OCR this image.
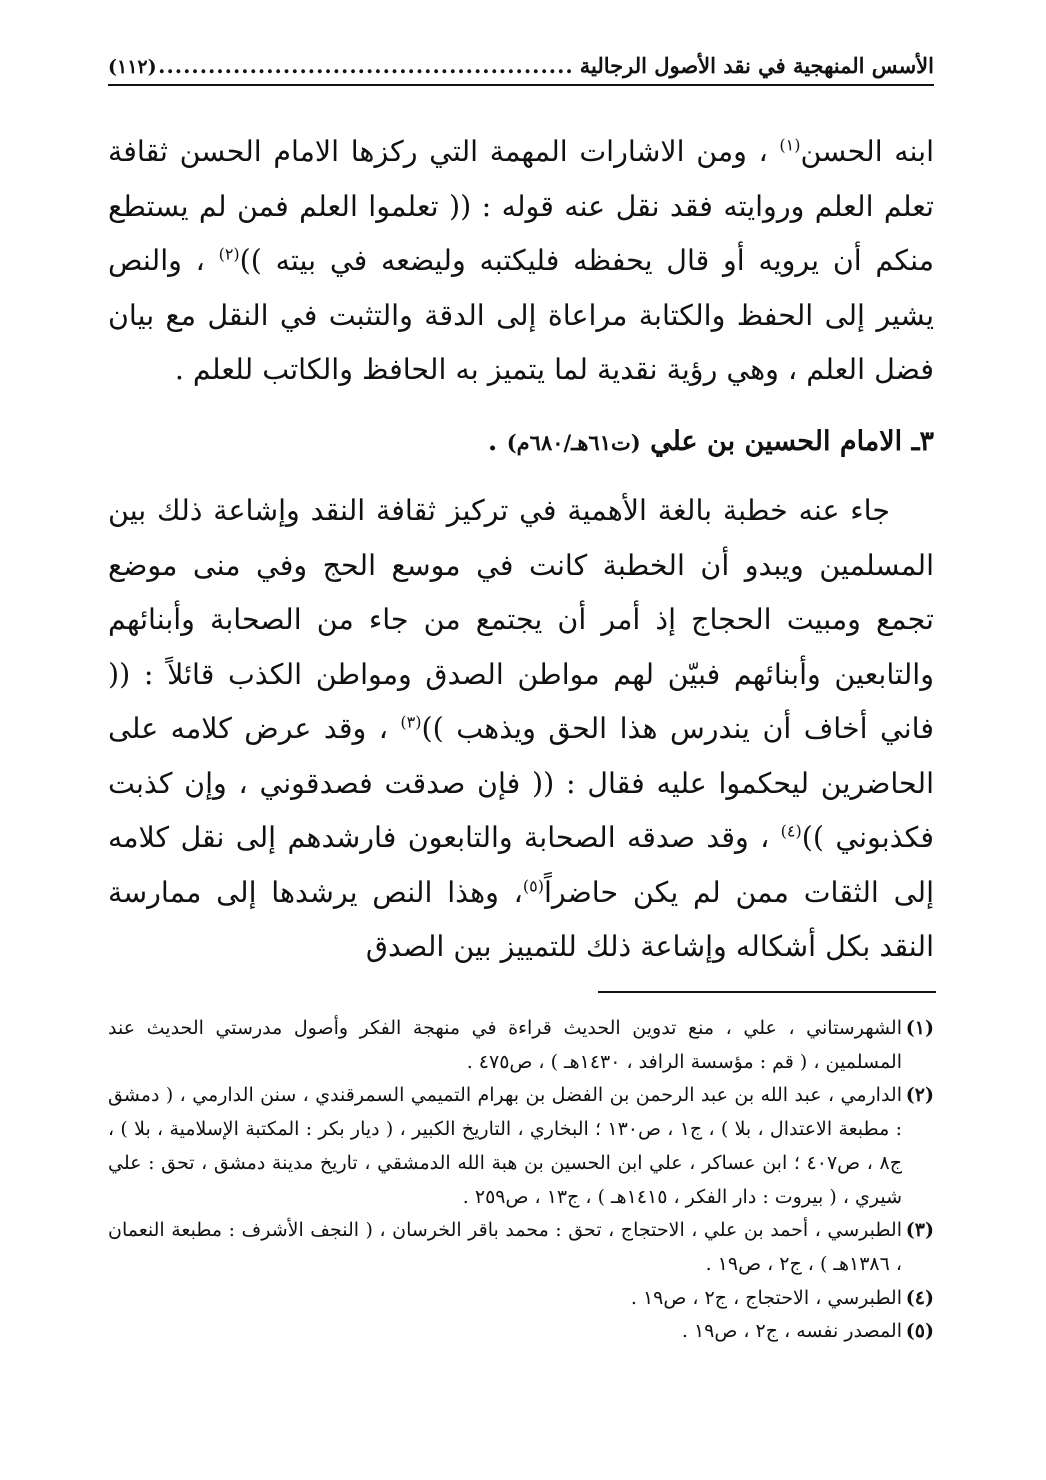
الأسس المنهجية في نقد الأصول الرجالية
.....
(١١٢)

ابنه الحسن$^{(١)}$ ، ومن الاشارات المهمة التي ركزها الامام الحسن ثقافة تعلم العلم وروايته فقد نقل عنه قوله : (( تعلموا العلم فمن لم يستطع منكم أن يرويه أو قال يحفظه فليكتبه وليضعه في بيته ))$^{(٢)}$ ، والنص يشير إلى الحفظ والكتابة مراعاة إلى الدقة والتثبت في النقل مع بيان فضل العلم ، وهي رؤية نقدية لما يتميز به الحافظ والكاتب للعلم .

٣ـ الامام الحسين بن علي (ت٦١هـ/٦٨٠م) .

جاء عنه خطبة بالغة الأهمية في تركيز ثقافة النقد وإشاعة ذلك بين المسلمين ويبدو أن الخطبة كانت في موسع الحج وفي منى موضع تجمع ومبيت الحجاج إذ أمر أن يجتمع من جاء من الصحابة وأبنائهم والتابعين وأبنائهم فبيّن لهم مواطن الصدق ومواطن الكذب قائلاً : (( فاني أخاف أن يندرس هذا الحق ويذهب ))$^{(٣)}$ ، وقد عرض كلامه على الحاضرين ليحكموا عليه فقال : (( فإن صدقت فصدقوني ، وإن كذبت فكذبوني ))$^{(٤)}$ ، وقد صدقه الصحابة والتابعون فارشدهم إلى نقل كلامه إلى الثقات ممن لم يكن حاضراً$^{(٥)}$، وهذا النص يرشدها إلى ممارسة النقد بكل أشكاله وإشاعة ذلك للتمييز بين الصدق

(١)الشهرستاني ، علي ، منع تدوين الحديث قراءة في منهجة الفكر وأصول مدرستي الحديث عند المسلمين ، ( قم : مؤسسة الرافد ، ١٤٣٠هـ ) ، ص٤٧٥ .

(٢)الدارمي ، عبد الله بن عبد الرحمن بن الفضل بن بهرام التميمي السمرقندي ، سنن الدارمي ، ( دمشق : مطبعة الاعتدال ، بلا ) ، ج١ ، ص١٣٠ ؛ البخاري ، التاريخ الكبير ، ( ديار بكر : المكتبة الإسلامية ، بلا ) ، ج٨ ، ص٤٠٧ ؛ ابن عساكر ، علي ابن الحسين بن هبة الله الدمشقي ، تاريخ مدينة دمشق ، تحق : علي شيري ، ( بيروت : دار الفكر ، ١٤١٥هـ ) ، ج١٣ ، ص٢٥٩ .

(٣)الطبرسي ، أحمد بن علي ، الاحتجاج ، تحق : محمد باقر الخرسان ، ( النجف الأشرف : مطبعة النعمان ، ١٣٨٦هـ ) ، ج٢ ، ص١٩ .

(٤)الطبرسي ، الاحتجاج ، ج٢ ، ص١٩ .

(٥)المصدر نفسه ، ج٢ ، ص١٩ .
